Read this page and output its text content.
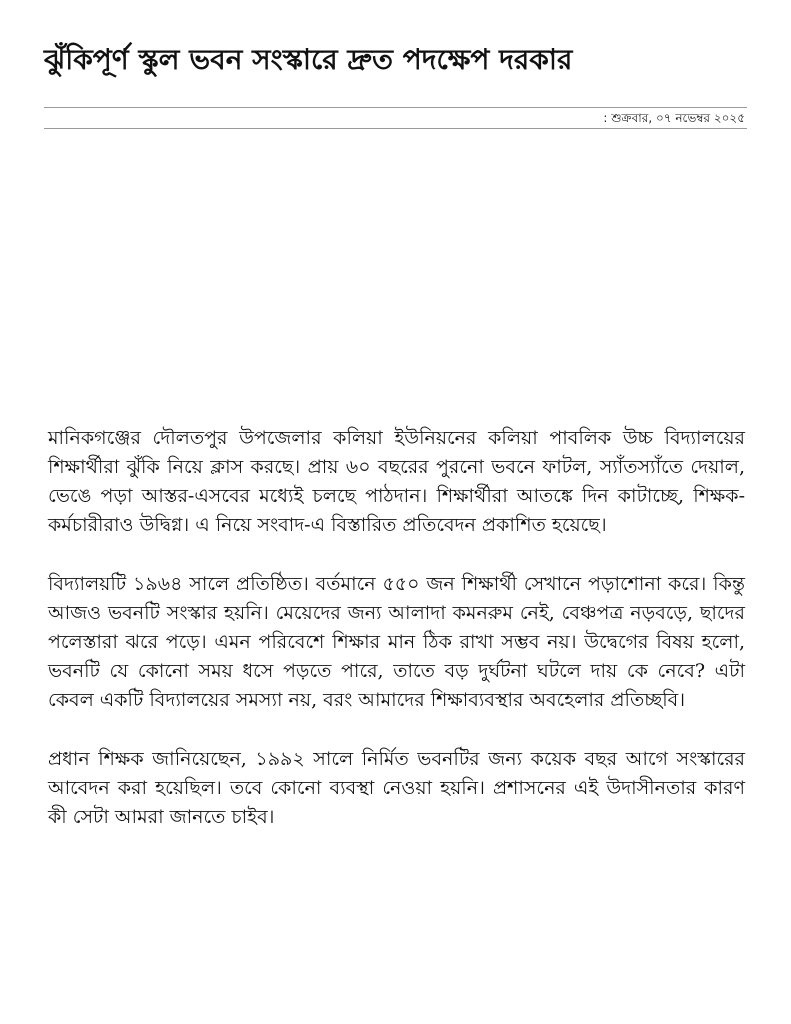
ঝুঁকিপূর্ণ স্কুল ভবন সংস্কারে দ্রুত পদক্ষেপ দরকার
: শুক্রবার, ০৭ নভেম্বর ২০২৫

মানিকগঞ্জের দৌলতপুর উপজেলার কলিয়া ইউনিয়নের কলিয়া পাবলিক উচ্চ বিদ্যালয়ের শিক্ষার্থীরা ঝুঁকি নিয়ে ক্লাস করছে। প্রায় ৬০ বছরের পুরনো ভবনে ফাটল, স্যাঁতস্যাঁতে দেয়াল, ভেঙে পড়া আস্তর-এসবের মধ্যেই চলছে পাঠদান। শিক্ষার্থীরা আতঙ্কে দিন কাটাচ্ছে, শিক্ষক-কর্মচারীরাও উদ্বিগ্ন। এ নিয়ে সংবাদ-এ বিস্তারিত প্রতিবেদন প্রকাশিত হয়েছে।

বিদ্যালয়টি ১৯৬৪ সালে প্রতিষ্ঠিত। বর্তমানে ৫৫০ জন শিক্ষার্থী সেখানে পড়াশোনা করে। কিন্তু আজও ভবনটি সংস্কার হয়নি। মেয়েদের জন্য আলাদা কমনরুম নেই, বেঞ্চপত্র নড়বড়ে, ছাদের পলেস্তারা ঝরে পড়ে। এমন পরিবেশে শিক্ষার মান ঠিক রাখা সম্ভব নয়। উদ্বেগের বিষয় হলো, ভবনটি যে কোনো সময় ধসে পড়তে পারে, তাতে বড় দুর্ঘটনা ঘটলে দায় কে নেবে? এটা কেবল একটি বিদ্যালয়ের সমস্যা নয়, বরং আমাদের শিক্ষাব্যবস্থার অবহেলার প্রতিচ্ছবি।

প্রধান শিক্ষক জানিয়েছেন, ১৯৯২ সালে নির্মিত ভবনটির জন্য কয়েক বছর আগে সংস্কারের আবেদন করা হয়েছিল। তবে কোনো ব্যবস্থা নেওয়া হয়নি। প্রশাসনের এই উদাসীনতার কারণ কী সেটা আমরা জানতে চাইব।
